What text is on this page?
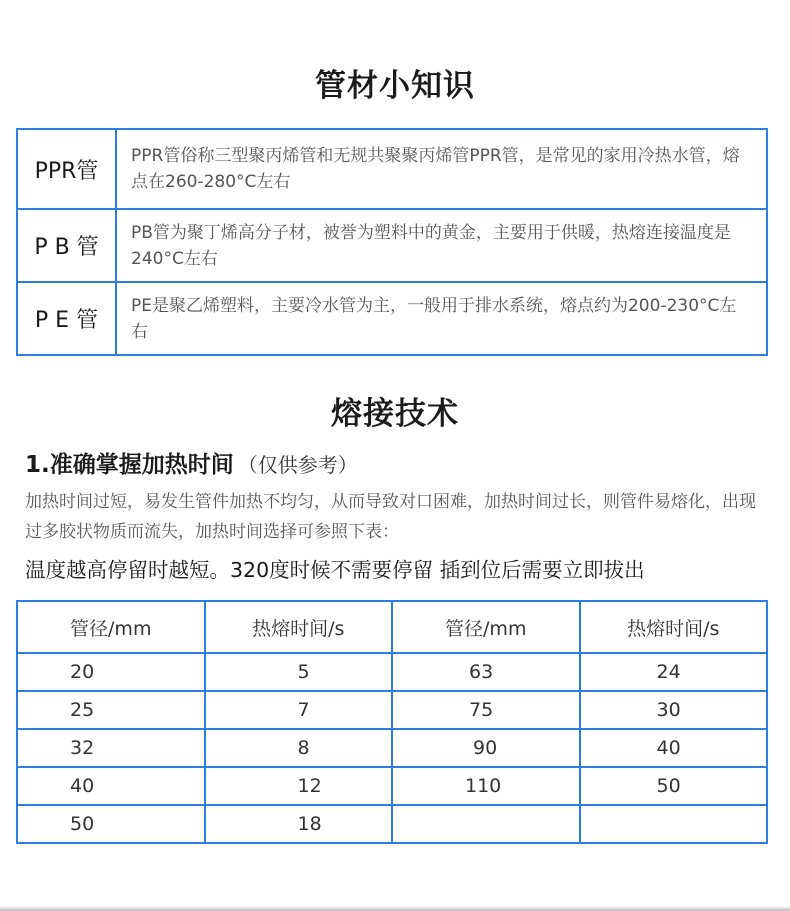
管材小知识
PPR管	PPR管俗称三型聚丙烯管和无规共聚聚丙烯管PPR管，是常见的家用冷热水管，熔点在260-280°C左右
P B 管	PB管为聚丁烯高分子材，被誉为塑料中的黄金，主要用于供暖，热熔连接温度是240°C左右
P E 管	PE是聚乙烯塑料，主要冷水管为主，一般用于排水系统，熔点约为200-230°C左右
熔接技术
1.准确掌握加热时间 （仅供参考）
加热时间过短，易发生管件加热不均匀，从而导致对口困难，加热时间过长，则管件易熔化，出现过多胶状物质而流失，加热时间选择可参照下表：
温度越高停留时越短。320度时候不需要停留 插到位后需要立即拔出
管径/mm	热熔时间/s	管径/mm	热熔时间/s
20	5	63	24
25	7	75	30
32	8	90	40
40	12	110	50
50	18		
